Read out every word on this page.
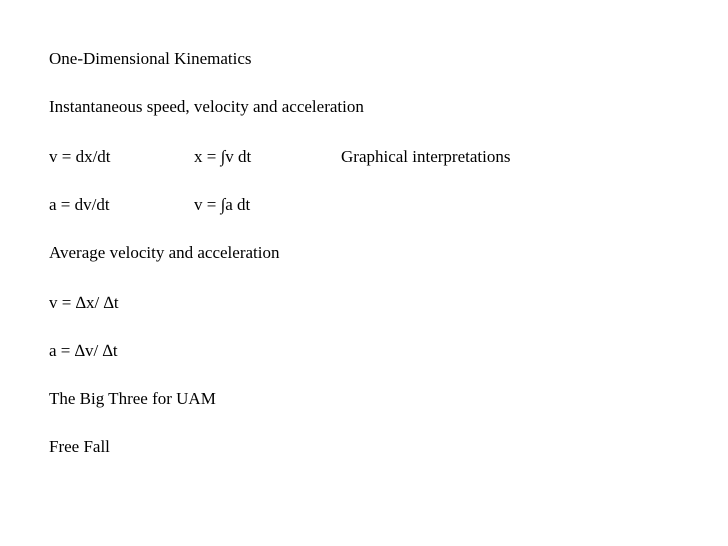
One-Dimensional Kinematics
Instantaneous speed, velocity and acceleration
v = dx/dt	x = ∫v dt	Graphical interpretations
a = dv/dt	v = ∫a dt
Average velocity and acceleration
v = ∆x/ ∆t
a = ∆v/ ∆t
The Big Three for UAM
Free Fall
